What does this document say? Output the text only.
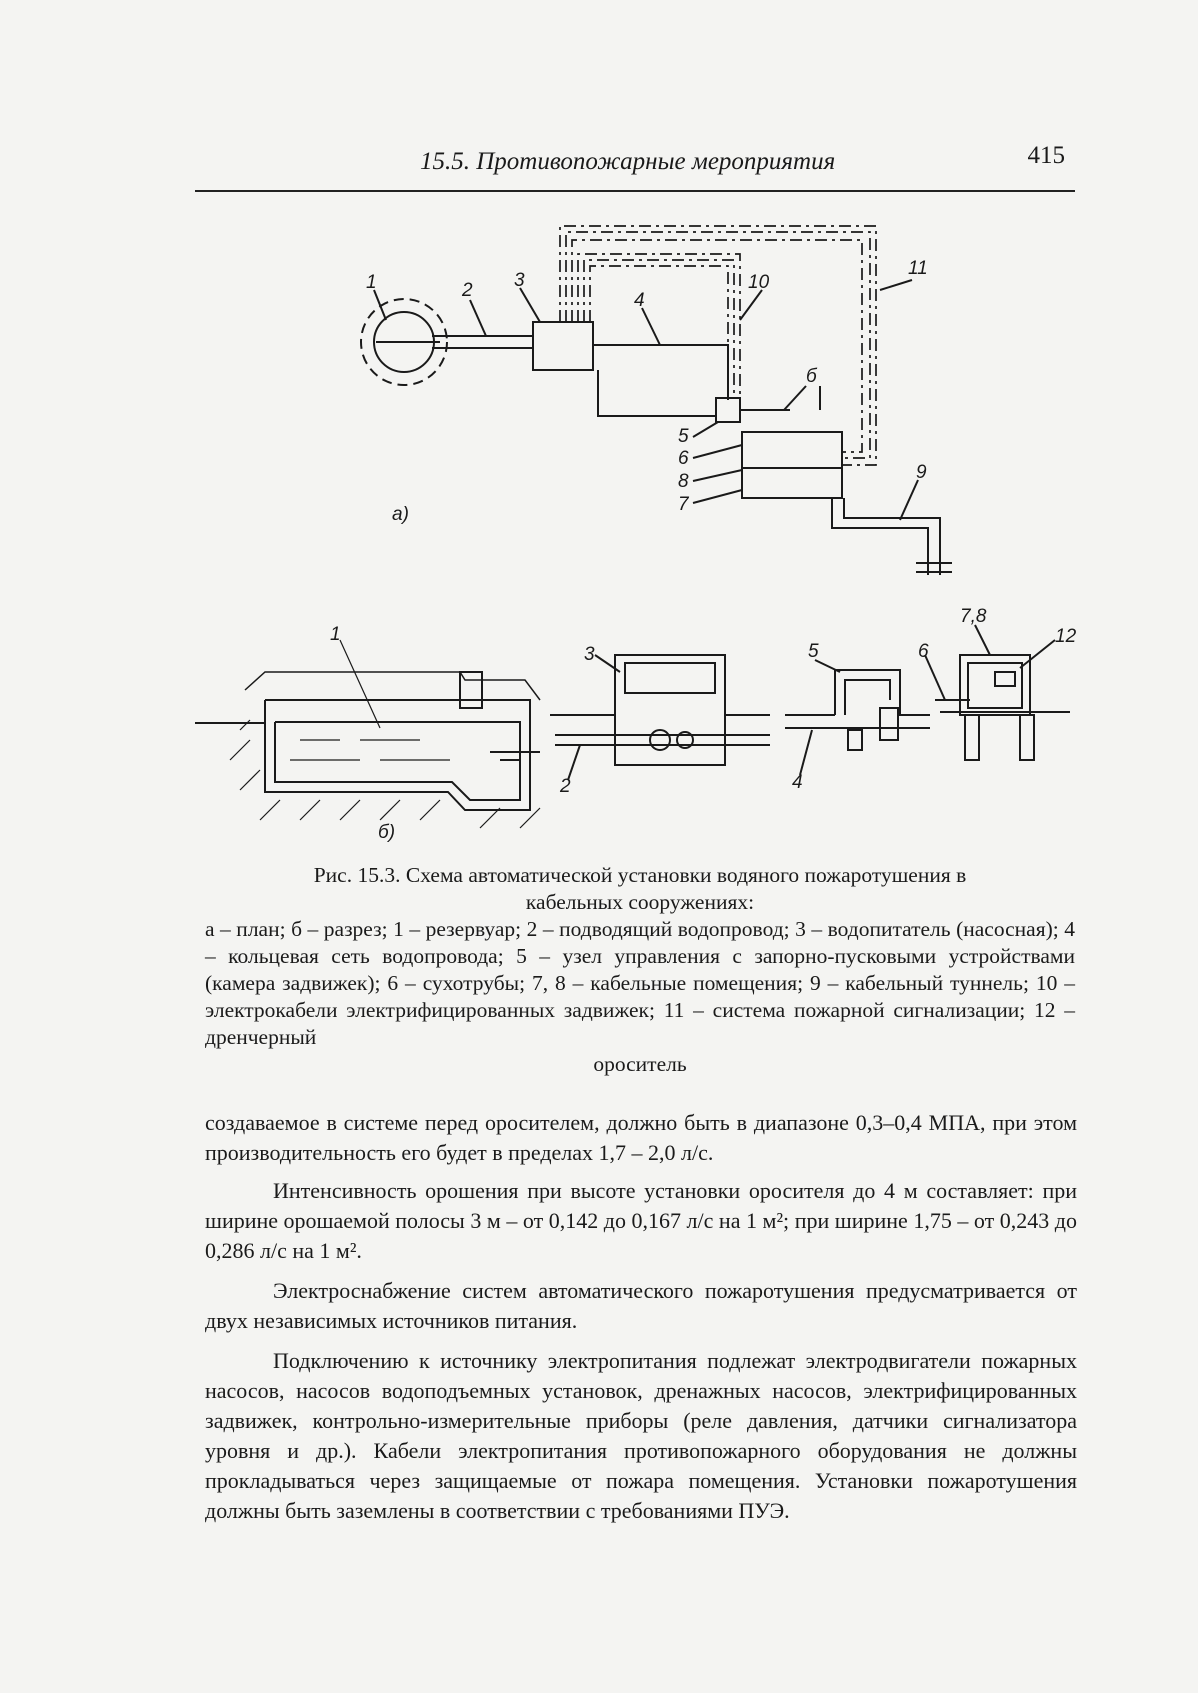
15.5. Противопожарные мероприятия	415
1	2 3
4
10
11
б
5
6
8
7
9
а)
1
3
2
5
4
6
7,8
12
б)
Рис. 15.3. Схема автоматической установки водяного пожаротушения в кабельных сооружениях:
а – план; б – разрез; 1 – резервуар; 2 – подводящий водопровод; 3 – водопитатель (насосная); 4 – кольцевая сеть водопровода; 5 – узел управления с запорно-пусковыми устройствами (камера задвижек); 6 – сухотрубы; 7, 8 – кабельные помещения; 9 – кабельный туннель; 10 – электрокабели электрифицированных задвижек; 11 – система пожарной сигнализации; 12 – дренчерный
ороситель

создаваемое в системе перед оросителем, должно быть в диапазоне 0,3–0,4 МПА, при этом производительность его будет в пределах 1,7 – 2,0 л/с.

Интенсивность орошения при высоте установки оросителя до 4 м составляет: при ширине орошаемой полосы 3 м – от 0,142 до 0,167 л/с на 1 м²; при ширине 1,75 – от 0,243 до 0,286 л/с на 1 м².

Электроснабжение систем автоматического пожаротушения предусматривается от двух независимых источников питания.

Подключению к источнику электропитания подлежат электродвигатели пожарных насосов, насосов водоподъемных установок, дренажных насосов, электрифицированных задвижек, контрольно-измерительные приборы (реле давления, датчики сигнализатора уровня и др.). Кабели электропитания противопожарного оборудования не должны прокладываться через защищаемые от пожара помещения. Установки пожаротушения должны быть заземлены в соответствии с требованиями ПУЭ.
